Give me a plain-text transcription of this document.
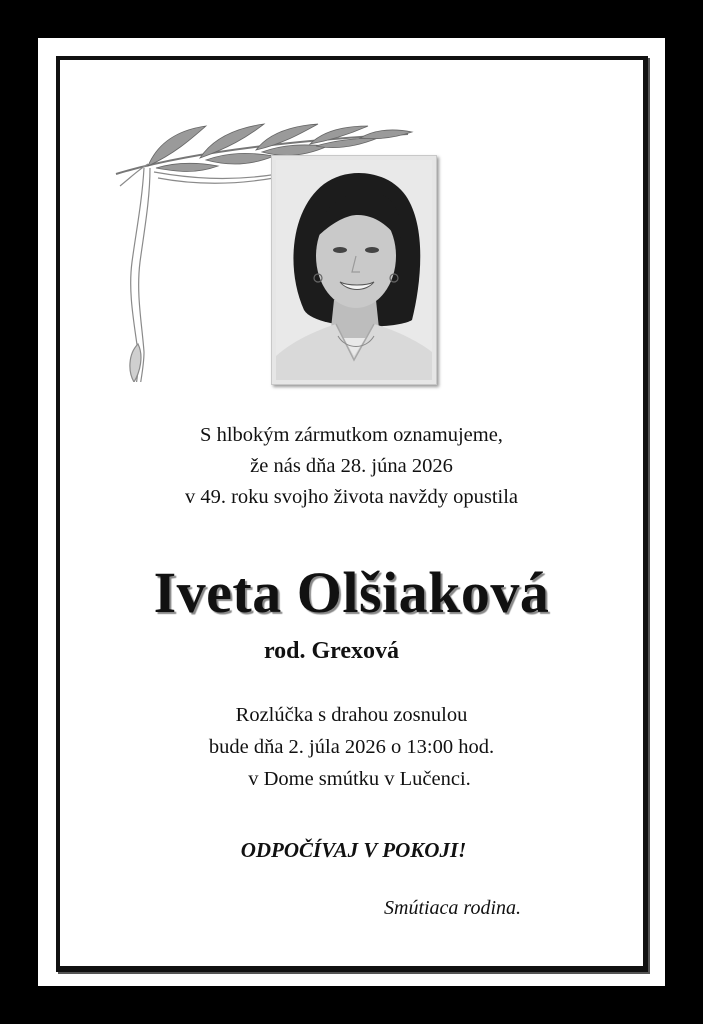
S hlbokým zármutkom oznamujeme,
že nás dňa 28. júna 2026
v 49. roku svojho života navždy opustila
Iveta Olšiaková
rod. Grexová
Rozlúčka s drahou zosnulou
bude dňa 2. júla 2026 o 13:00 hod.
v Dome smútku v Lučenci.
ODPOČÍVAJ V POKOJI!
Smútiaca rodina.
